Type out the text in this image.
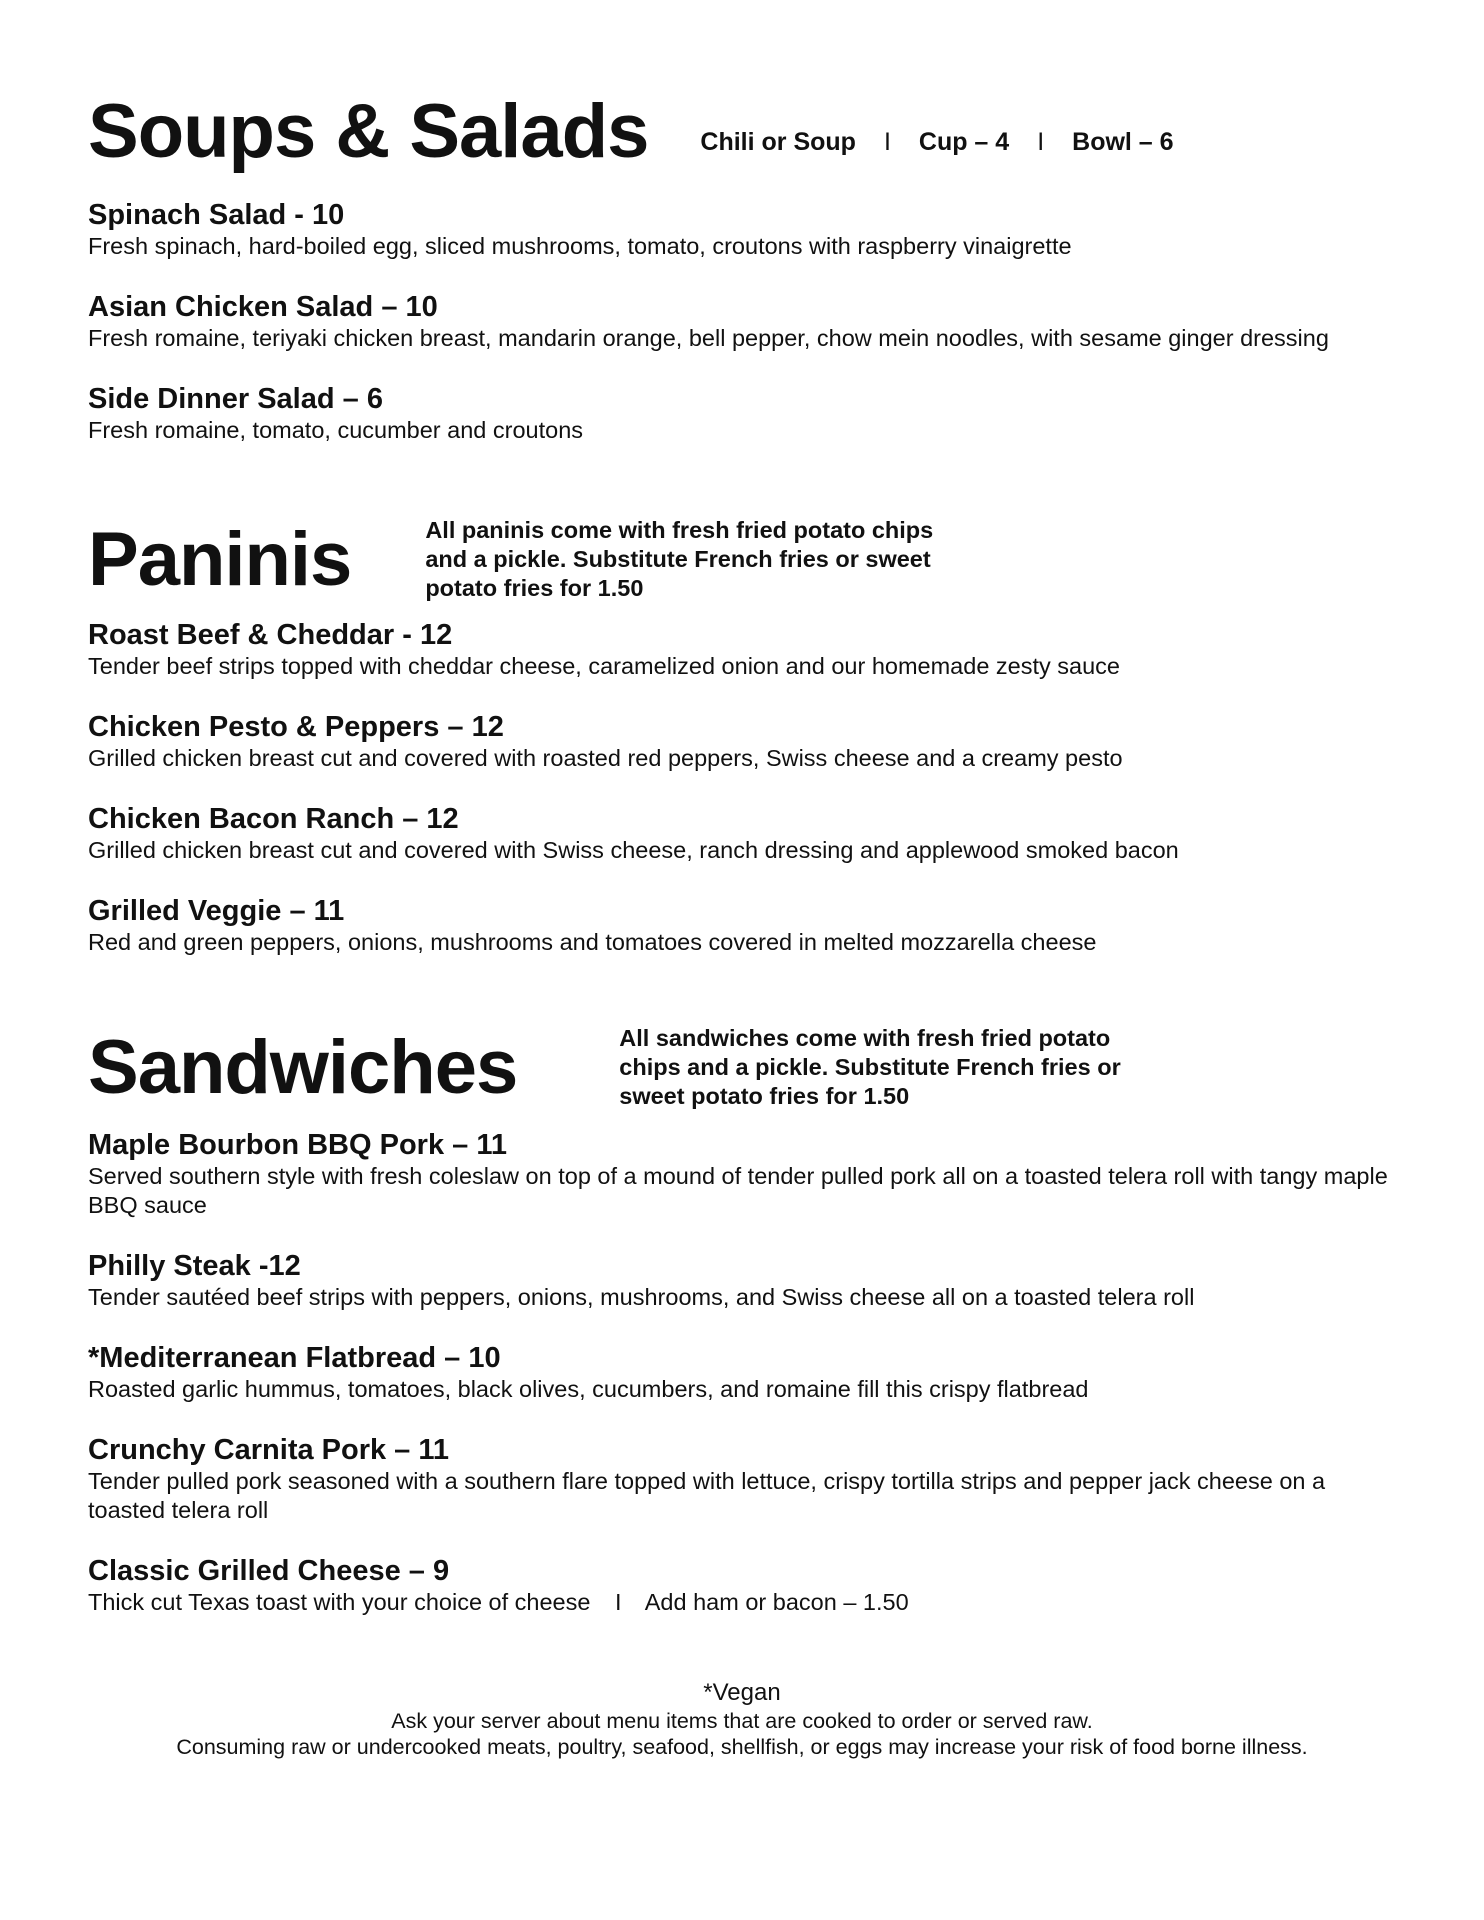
Soups & Salads Chili or Soup I Cup – 4 I Bowl – 6
Spinach Salad - 10
Fresh spinach, hard-boiled egg, sliced mushrooms, tomato, croutons with raspberry vinaigrette
Asian Chicken Salad – 10
Fresh romaine, teriyaki chicken breast, mandarin orange, bell pepper, chow mein noodles, with sesame ginger dressing
Side Dinner Salad – 6
Fresh romaine, tomato, cucumber and croutons
Paninis	All paninis come with fresh fried potato chips
and a pickle. Substitute French fries or sweet
potato fries for 1.50
Roast Beef & Cheddar - 12
Tender beef strips topped with cheddar cheese, caramelized onion and our homemade zesty sauce
Chicken Pesto & Peppers – 12
Grilled chicken breast cut and covered with roasted red peppers, Swiss cheese and a creamy pesto
Chicken Bacon Ranch – 12
Grilled chicken breast cut and covered with Swiss cheese, ranch dressing and applewood smoked bacon
Grilled Veggie – 11
Red and green peppers, onions, mushrooms and tomatoes covered in melted mozzarella cheese
Sandwiches	All sandwiches come with fresh fried potato
chips and a pickle. Substitute French fries or
sweet potato fries for 1.50
Maple Bourbon BBQ Pork – 11
Served southern style with fresh coleslaw on top of a mound of tender pulled pork all on a toasted telera roll with tangy maple BBQ sauce
Philly Steak -12
Tender sautéed beef strips with peppers, onions, mushrooms, and Swiss cheese all on a toasted telera roll
*Mediterranean Flatbread – 10
Roasted garlic hummus, tomatoes, black olives, cucumbers, and romaine fill this crispy flatbread
Crunchy Carnita Pork – 11
Tender pulled pork seasoned with a southern flare topped with lettuce, crispy tortilla strips and pepper jack cheese on a toasted telera roll
Classic Grilled Cheese – 9
Thick cut Texas toast with your choice of cheese I Add ham or bacon – 1.50
*Vegan
Ask your server about menu items that are cooked to order or served raw.
Consuming raw or undercooked meats, poultry, seafood, shellfish, or eggs may increase your risk of food borne illness.
